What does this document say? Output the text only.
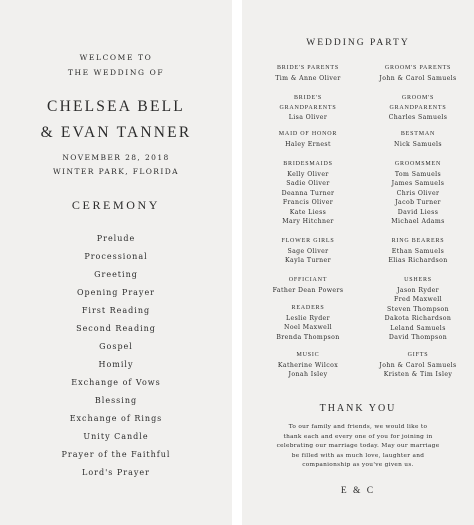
WELCOME TO
THE WEDDING OF
CHELSEA BELL
& EVAN TANNER
NOVEMBER 28, 2018
WINTER PARK, FLORIDA
CEREMONY
Prelude
Processional
Greeting
Opening Prayer
First Reading
Second Reading
Gospel
Homily
Exchange of Vows
Blessing
Exchange of Rings
Unity Candle
Prayer of the Faithful
Lord's Prayer
WEDDING PARTY
BRIDE'S PARENTS
Tim & Anne Oliver
BRIDE'S
GRANDPARENTS
Lisa Oliver
MAID OF HONOR
Haley Ernest
BRIDESMAIDS
Kelly Oliver
Sadie Oliver
Deanna Turner
Francis Oliver
Kate Liess
Mary Hitchner
FLOWER GIRLS
Sage Oliver
Kayla Turner
OFFICIANT
Father Dean Powers
READERS
Leslie Ryder
Noel Maxwell
Brenda Thompson
MUSIC
Katherine Wilcox
Jonah Isley
GROOM'S PARENTS
John & Carol Samuels
GROOM'S
GRANDPARENTS
Charles Samuels
BESTMAN
Nick Samuels
GROOMSMEN
Tom Samuels
James Samuels
Chris Oliver
Jacob Turner
David Liess
Michael Adams
RING BEARERS
Ethan Samuels
Elias Richardson
USHERS
Jason Ryder
Fred Maxwell
Steven Thompson
Dakota Richardson
Leland Samuels
David Thompson
GIFTS
John & Carol Samuels
Kristen & Tim Isley
THANK YOU
To our family and friends, we would like to
thank each and every one of you for joining in
celebrating our marriage today. May our marriage
be filled with as much love, laughter and
companionship as you've given us.
E & C
